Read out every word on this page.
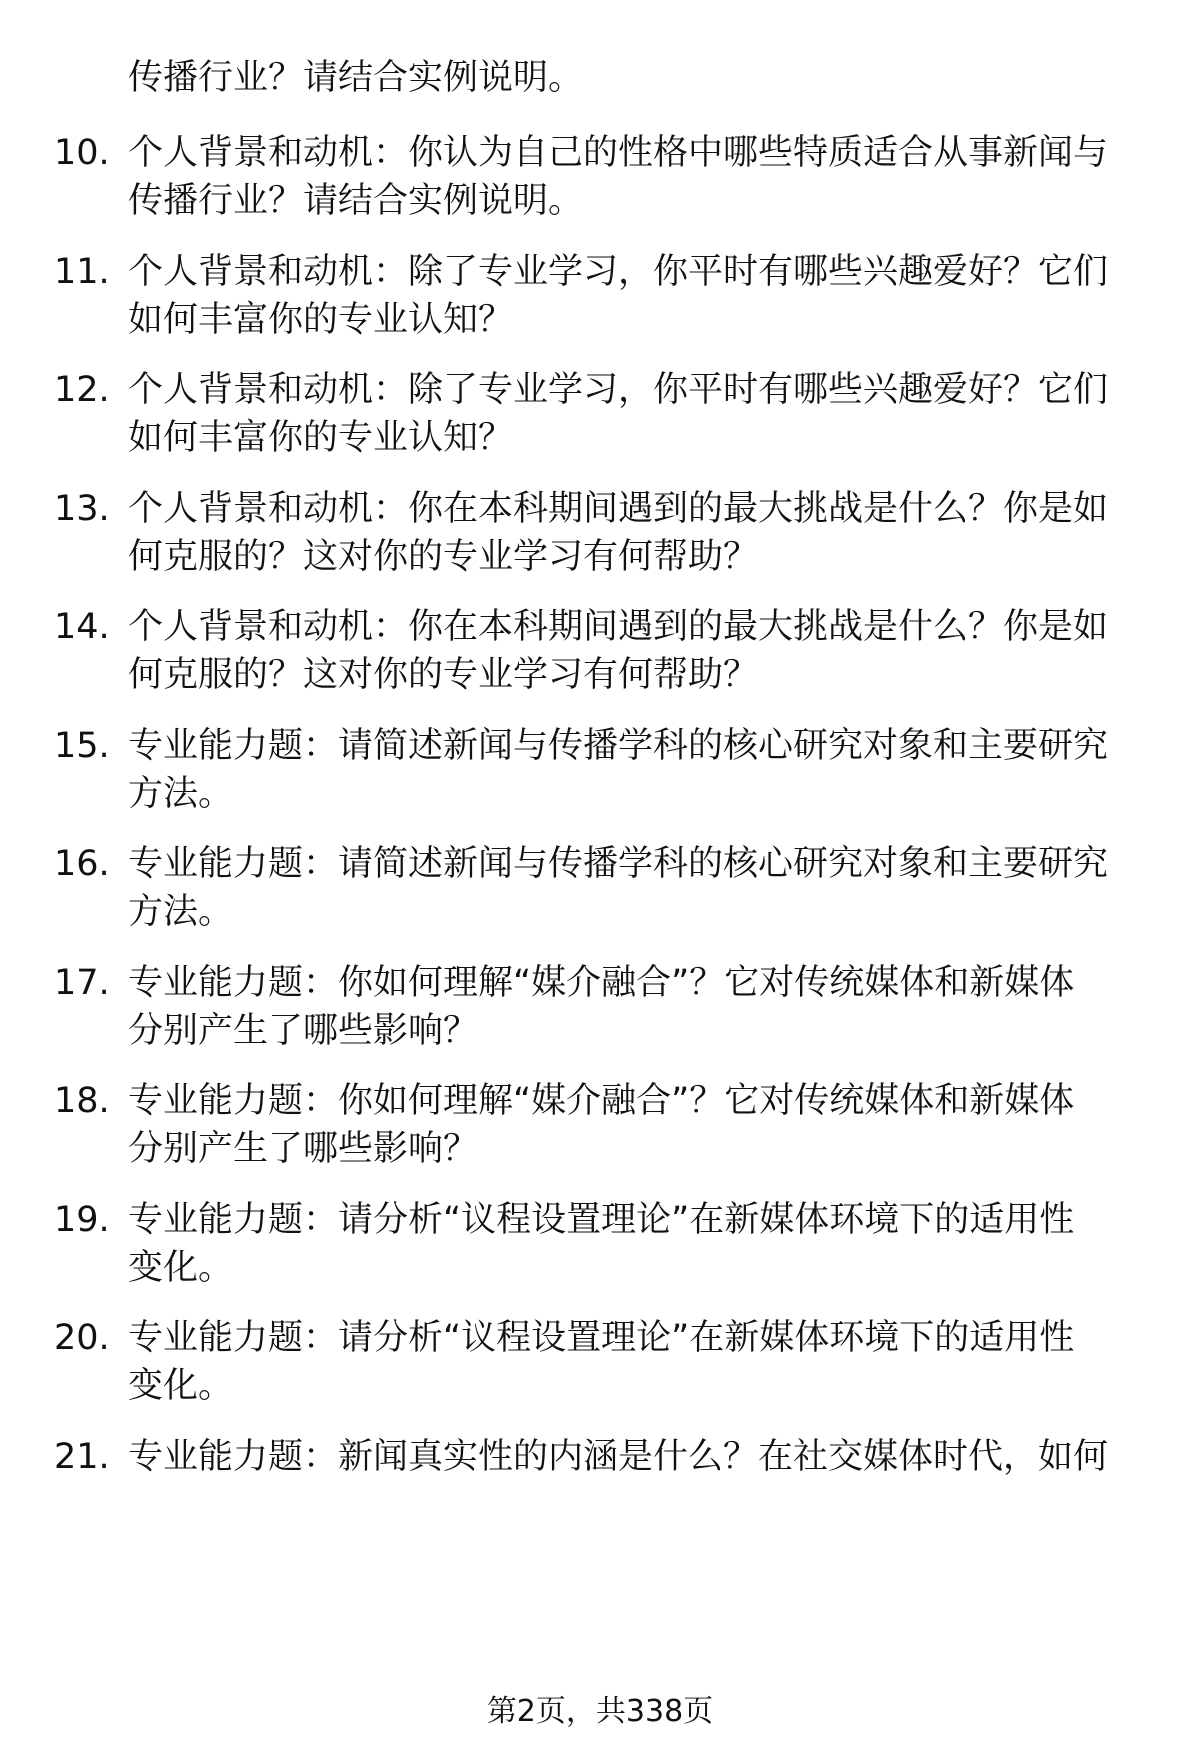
传播行业？请结合实例说明。
10. 个人背景和动机：你认为自己的性格中哪些特质适合从事新闻与
传播行业？请结合实例说明。
11. 个人背景和动机：除了专业学习，你平时有哪些兴趣爱好？它们
如何丰富你的专业认知？
12. 个人背景和动机：除了专业学习，你平时有哪些兴趣爱好？它们
如何丰富你的专业认知？
13. 个人背景和动机：你在本科期间遇到的最大挑战是什么？你是如
何克服的？这对你的专业学习有何帮助？
14. 个人背景和动机：你在本科期间遇到的最大挑战是什么？你是如
何克服的？这对你的专业学习有何帮助？
15. 专业能力题：请简述新闻与传播学科的核心研究对象和主要研究
方法。
16. 专业能力题：请简述新闻与传播学科的核心研究对象和主要研究
方法。
17. 专业能力题：你如何理解“媒介融合”？它对传统媒体和新媒体
分别产生了哪些影响？
18. 专业能力题：你如何理解“媒介融合”？它对传统媒体和新媒体
分别产生了哪些影响？
19. 专业能力题：请分析“议程设置理论”在新媒体环境下的适用性
变化。
20. 专业能力题：请分析“议程设置理论”在新媒体环境下的适用性
变化。
21. 专业能力题：新闻真实性的内涵是什么？在社交媒体时代，如何
第2页，共338页
